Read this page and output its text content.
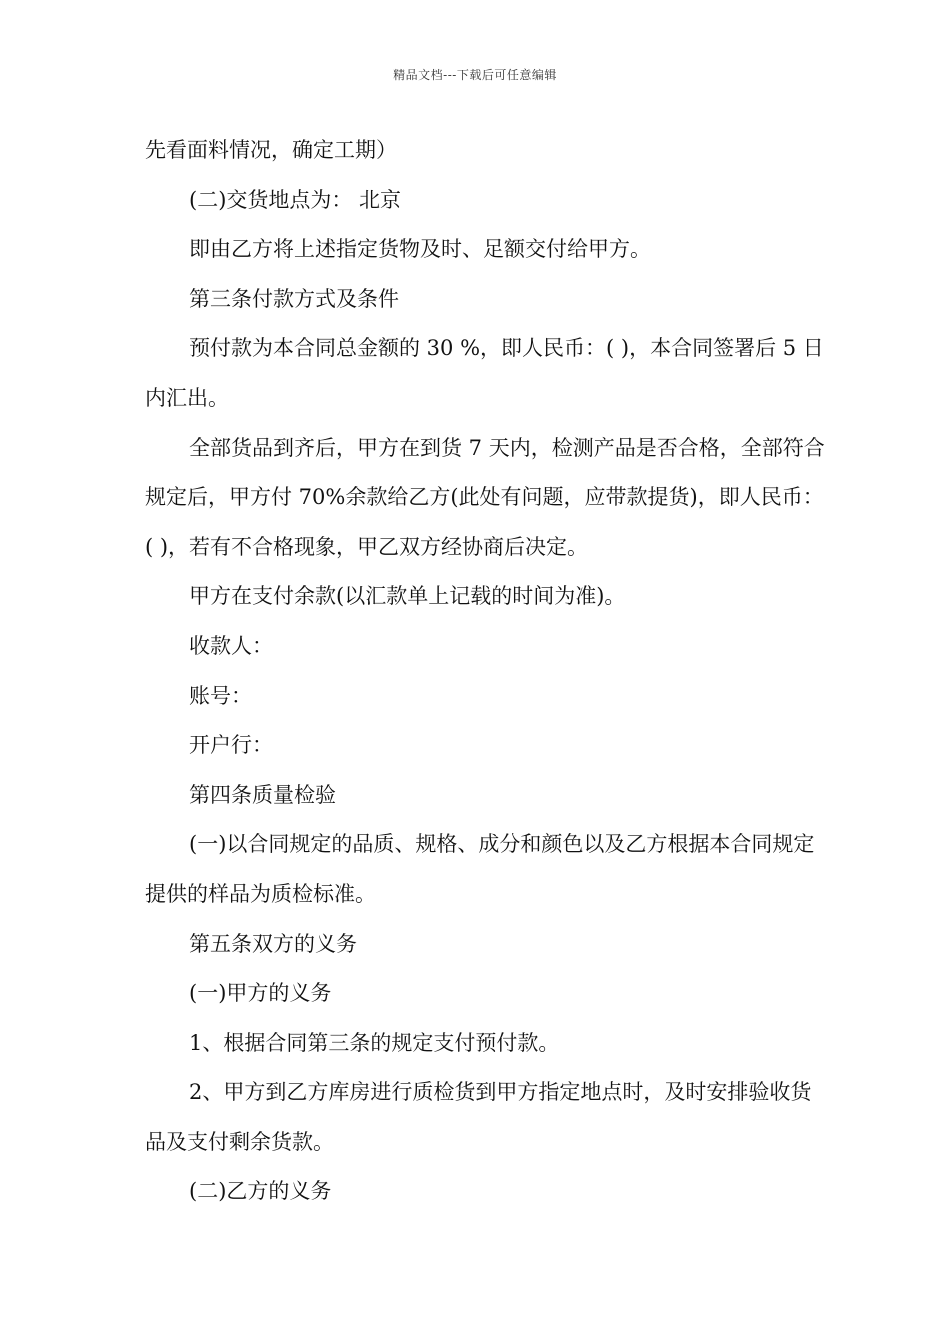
精品文档---下载后可任意编辑

先看面料情况，确定工期）

(二)交货地点为： 北京

即由乙方将上述指定货物及时、足额交付给甲方。

第三条付款方式及条件

预付款为本合同总金额的 30 %，即人民币：( )，本合同签署后 5 日内汇出。

全部货品到齐后，甲方在到货 7 天内，检测产品是否合格，全部符合规定后，甲方付 70%余款给乙方(此处有问题，应带款提货)，即人民币：( )，若有不合格现象，甲乙双方经协商后决定。

甲方在支付余款(以汇款单上记载的时间为准)。

收款人：

账号：

开户行：

第四条质量检验

(一)以合同规定的品质、规格、成分和颜色以及乙方根据本合同规定提供的样品为质检标准。

第五条双方的义务

(一)甲方的义务

1、根据合同第三条的规定支付预付款。

2、甲方到乙方库房进行质检货到甲方指定地点时，及时安排验收货品及支付剩余货款。

(二)乙方的义务
